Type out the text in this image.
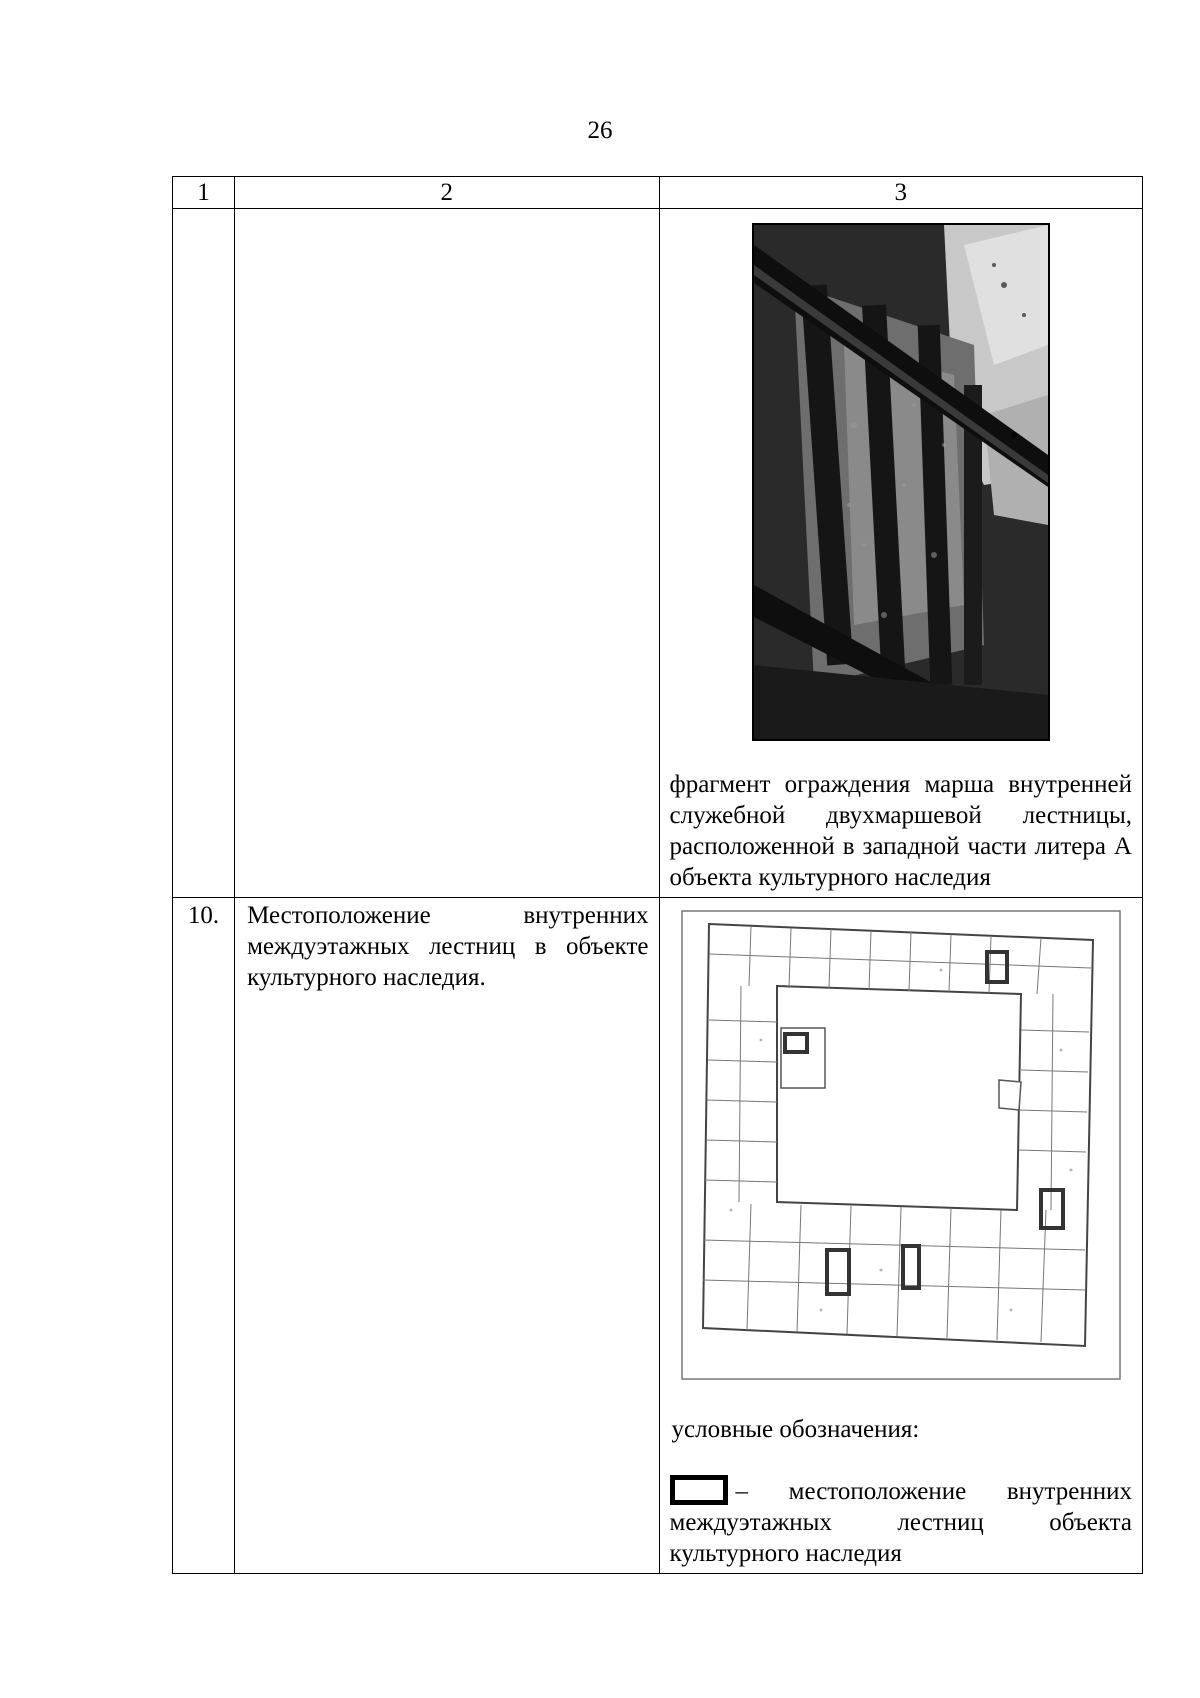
26
1	2	3

		фрагмент ограждения марша внутренней служебной двухмаршевой лестницы, расположенной в западной части литера А объекта культурного наследия

10.	Местоположение внутренних междуэтажных лестниц в объекте культурного наследия.	условные обозначения:
– местоположение внутренних междуэтажных лестниц объекта культурного наследия
